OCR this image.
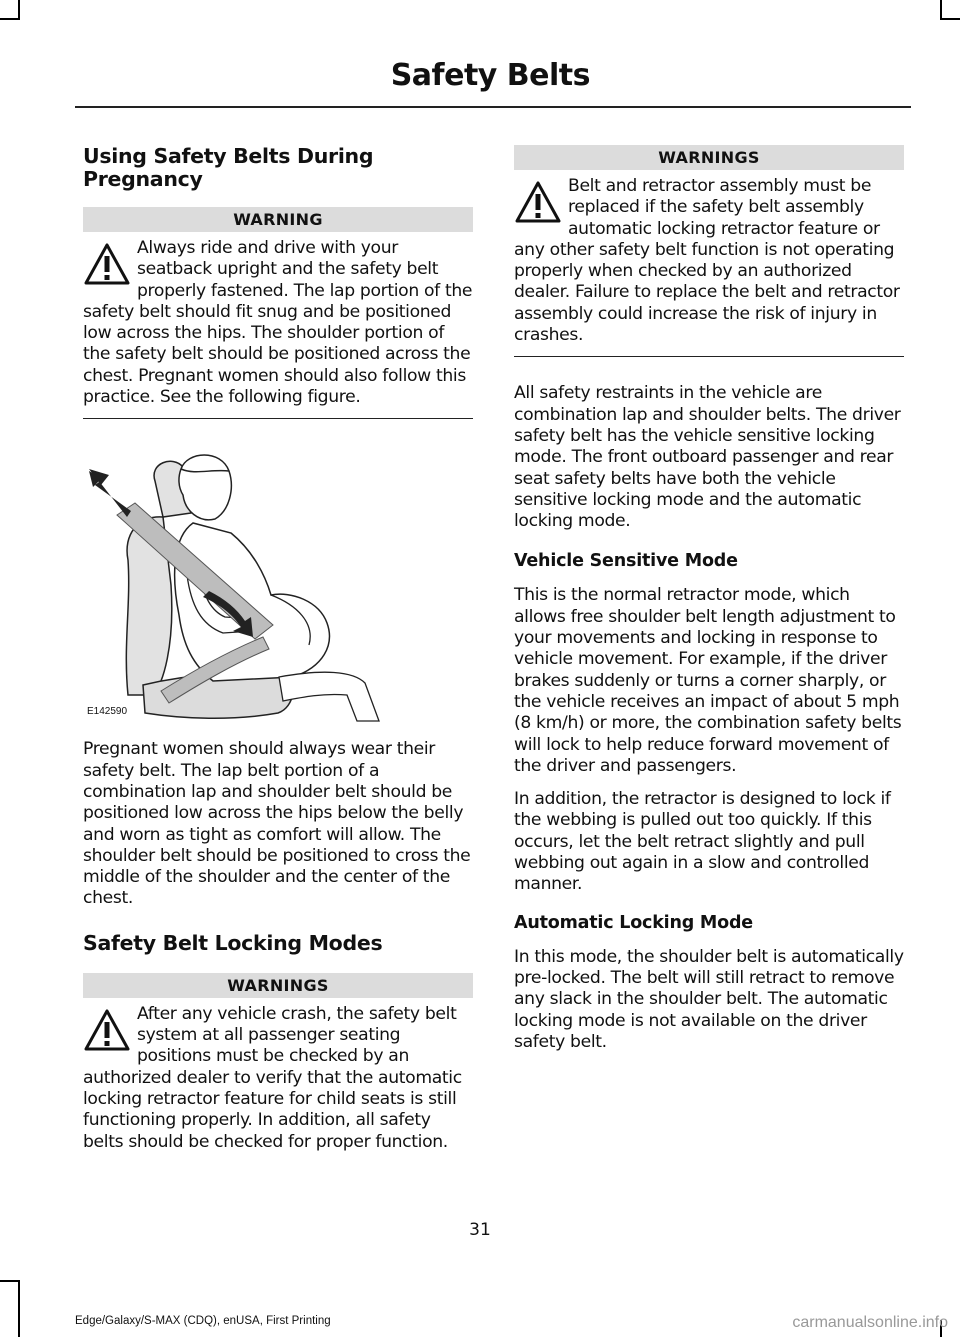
Safety Belts
Using Safety Belts During Pregnancy
WARNING

Always ride and drive with your seatback upright and the safety belt properly fastened. The lap portion of the safety belt should fit snug and be positioned low across the hips. The shoulder portion of the safety belt should be positioned across the chest. Pregnant women should also follow this practice. See the following figure.

E142590

Pregnant women should always wear their safety belt. The lap belt portion of a combination lap and shoulder belt should be positioned low across the hips below the belly and worn as tight as comfort will allow. The shoulder belt should be positioned to cross the middle of the shoulder and the center of the chest.

Safety Belt Locking Modes
WARNINGS

After any vehicle crash, the safety belt system at all passenger seating positions must be checked by an authorized dealer to verify that the automatic locking retractor feature for child seats is still functioning properly. In addition, all safety belts should be checked for proper function.

WARNINGS

Belt and retractor assembly must be replaced if the safety belt assembly automatic locking retractor feature or any other safety belt function is not operating properly when checked by an authorized dealer. Failure to replace the belt and retractor assembly could increase the risk of injury in crashes.

All safety restraints in the vehicle are combination lap and shoulder belts. The driver safety belt has the vehicle sensitive locking mode. The front outboard passenger and rear seat safety belts have both the vehicle sensitive locking mode and the automatic locking mode.

Vehicle Sensitive Mode

This is the normal retractor mode, which allows free shoulder belt length adjustment to your movements and locking in response to vehicle movement. For example, if the driver brakes suddenly or turns a corner sharply, or the vehicle receives an impact of about 5 mph (8 km/h) or more, the combination safety belts will lock to help reduce forward movement of the driver and passengers.

In addition, the retractor is designed to lock if the webbing is pulled out too quickly. If this occurs, let the belt retract slightly and pull webbing out again in a slow and controlled manner.

Automatic Locking Mode

In this mode, the shoulder belt is automatically pre-locked. The belt will still retract to remove any slack in the shoulder belt. The automatic locking mode is not available on the driver safety belt.

31
Edge/Galaxy/S-MAX (CDQ), enUSA, First Printing	carmanualsonline.info
